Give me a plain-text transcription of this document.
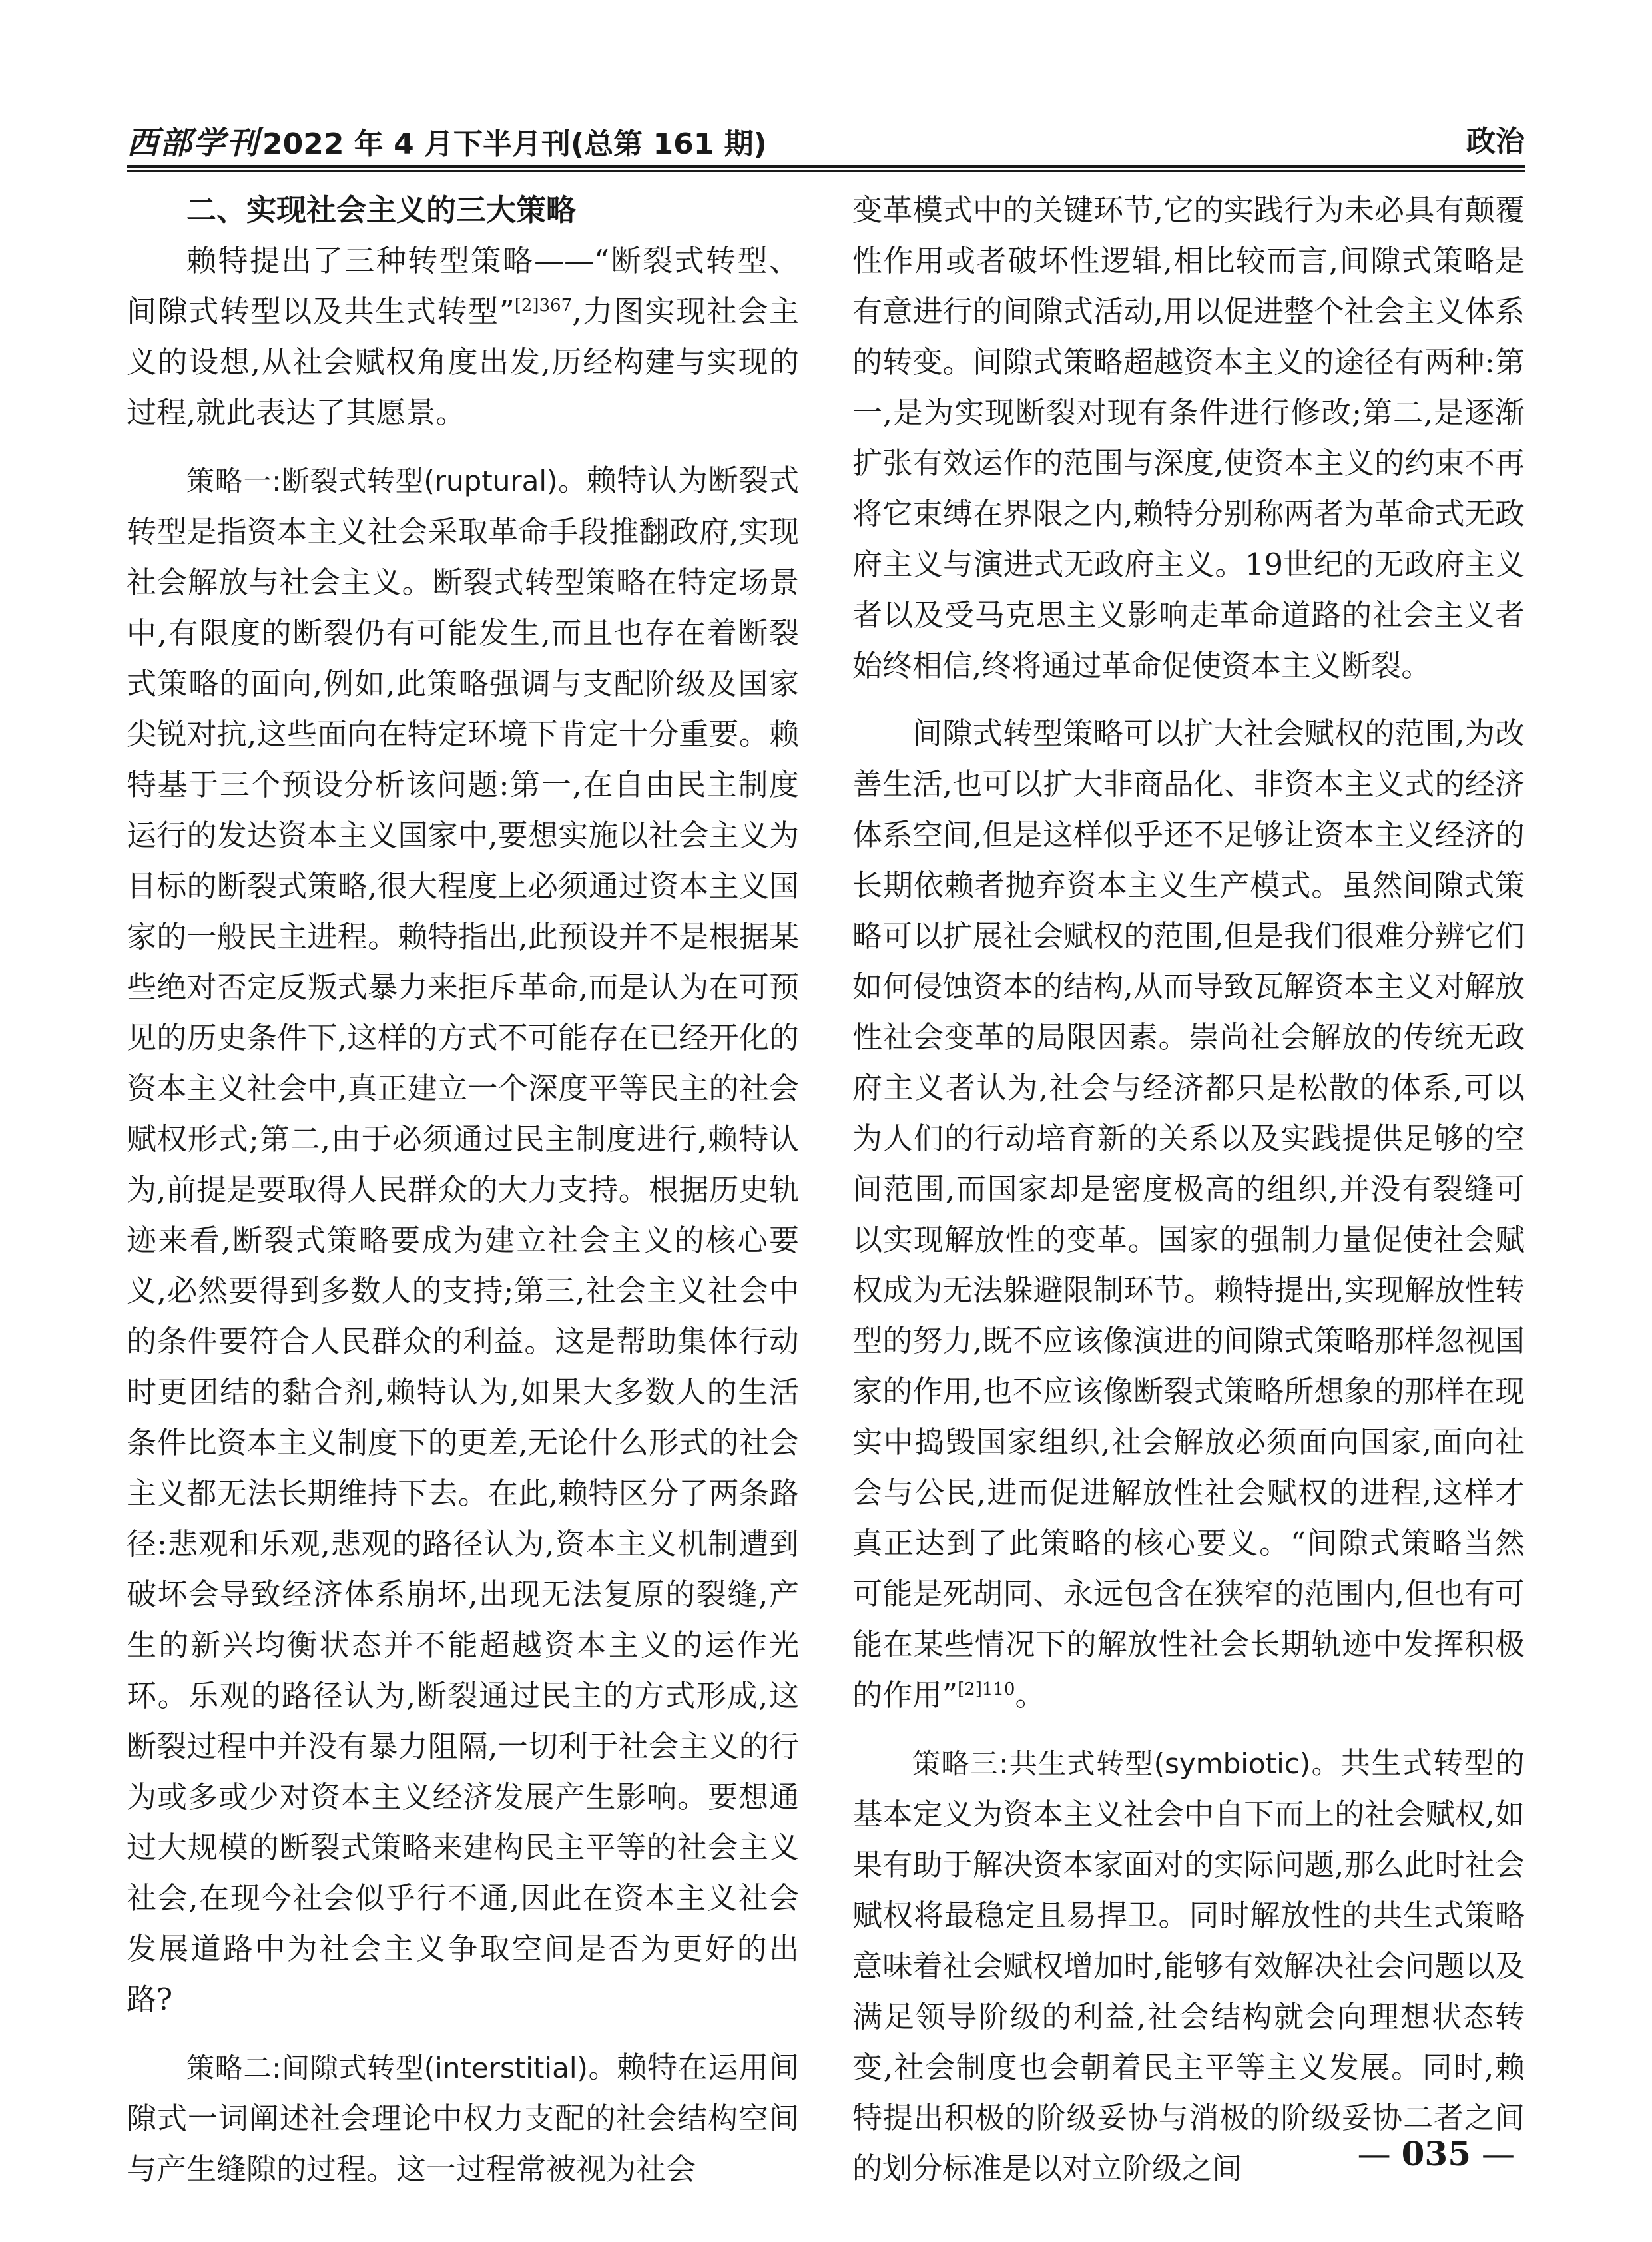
西部学刊2022 年 4 月下半月刊(总第 161 期)	政治
二、实现社会主义的三大策略

赖特提出了三种转型策略——“断裂式转型、间隙式转型以及共生式转型”$^{[2]367}$,力图实现社会主义的设想,从社会赋权角度出发,历经构建与实现的过程,就此表达了其愿景。

策略一:断裂式转型(ruptural)。赖特认为断裂式转型是指资本主义社会采取革命手段推翻政府,实现社会解放与社会主义。断裂式转型策略在特定场景中,有限度的断裂仍有可能发生,而且也存在着断裂式策略的面向,例如,此策略强调与支配阶级及国家尖锐对抗,这些面向在特定环境下肯定十分重要。赖特基于三个预设分析该问题:第一,在自由民主制度运行的发达资本主义国家中,要想实施以社会主义为目标的断裂式策略,很大程度上必须通过资本主义国家的一般民主进程。赖特指出,此预设并不是根据某些绝对否定反叛式暴力来拒斥革命,而是认为在可预见的历史条件下,这样的方式不可能存在已经开化的资本主义社会中,真正建立一个深度平等民主的社会赋权形式;第二,由于必须通过民主制度进行,赖特认为,前提是要取得人民群众的大力支持。根据历史轨迹来看,断裂式策略要成为建立社会主义的核心要义,必然要得到多数人的支持;第三,社会主义社会中的条件要符合人民群众的利益。这是帮助集体行动时更团结的黏合剂,赖特认为,如果大多数人的生活条件比资本主义制度下的更差,无论什么形式的社会主义都无法长期维持下去。在此,赖特区分了两条路径:悲观和乐观,悲观的路径认为,资本主义机制遭到破坏会导致经济体系崩坏,出现无法复原的裂缝,产生的新兴均衡状态并不能超越资本主义的运作光环。乐观的路径认为,断裂通过民主的方式形成,这断裂过程中并没有暴力阻隔,一切利于社会主义的行为或多或少对资本主义经济发展产生影响。要想通过大规模的断裂式策略来建构民主平等的社会主义社会,在现今社会似乎行不通,因此在资本主义社会发展道路中为社会主义争取空间是否为更好的出路?

策略二:间隙式转型(interstitial)。赖特在运用间隙式一词阐述社会理论中权力支配的社会结构空间与产生缝隙的过程。这一过程常被视为社会

变革模式中的关键环节,它的实践行为未必具有颠覆性作用或者破坏性逻辑,相比较而言,间隙式策略是有意进行的间隙式活动,用以促进整个社会主义体系的转变。间隙式策略超越资本主义的途径有两种:第一,是为实现断裂对现有条件进行修改;第二,是逐渐扩张有效运作的范围与深度,使资本主义的约束不再将它束缚在界限之内,赖特分别称两者为革命式无政府主义与演进式无政府主义。19世纪的无政府主义者以及受马克思主义影响走革命道路的社会主义者始终相信,终将通过革命促使资本主义断裂。

间隙式转型策略可以扩大社会赋权的范围,为改善生活,也可以扩大非商品化、非资本主义式的经济体系空间,但是这样似乎还不足够让资本主义经济的长期依赖者抛弃资本主义生产模式。虽然间隙式策略可以扩展社会赋权的范围,但是我们很难分辨它们如何侵蚀资本的结构,从而导致瓦解资本主义对解放性社会变革的局限因素。崇尚社会解放的传统无政府主义者认为,社会与经济都只是松散的体系,可以为人们的行动培育新的关系以及实践提供足够的空间范围,而国家却是密度极高的组织,并没有裂缝可以实现解放性的变革。国家的强制力量促使社会赋权成为无法躲避限制环节。赖特提出,实现解放性转型的努力,既不应该像演进的间隙式策略那样忽视国家的作用,也不应该像断裂式策略所想象的那样在现实中捣毁国家组织,社会解放必须面向国家,面向社会与公民,进而促进解放性社会赋权的进程,这样才真正达到了此策略的核心要义。“间隙式策略当然可能是死胡同、永远包含在狭窄的范围内,但也有可能在某些情况下的解放性社会长期轨迹中发挥积极的作用”$^{[2]110}$。

策略三:共生式转型(symbiotic)。共生式转型的基本定义为资本主义社会中自下而上的社会赋权,如果有助于解决资本家面对的实际问题,那么此时社会赋权将最稳定且易捍卫。同时解放性的共生式策略意味着社会赋权增加时,能够有效解决社会问题以及满足领导阶级的利益,社会结构就会向理想状态转变,社会制度也会朝着民主平等主义发展。同时,赖特提出积极的阶级妥协与消极的阶级妥协二者之间的划分标准是以对立阶级之间	— 035 —
